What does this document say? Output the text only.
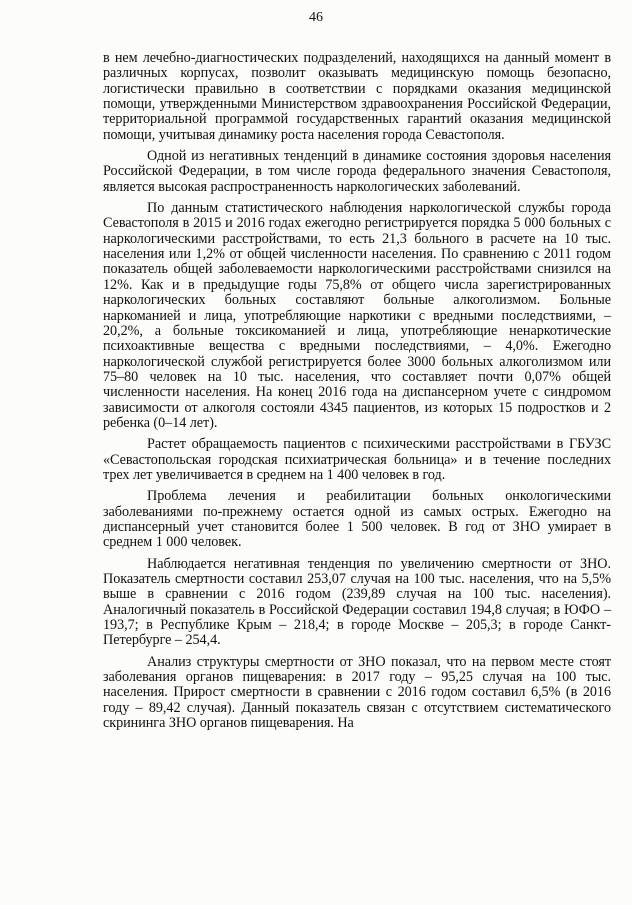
46

в нем лечебно-диагностических подразделений, находящихся на данный момент в различных корпусах, позволит оказывать медицинскую помощь безопасно, логистически правильно в соответствии с порядками оказания медицинской помощи, утвержденными Министерством здравоохранения Российской Федерации, территориальной программой государственных гарантий оказания медицинской помощи, учитывая динамику роста населения города Севастополя.

Одной из негативных тенденций в динамике состояния здоровья населения Российской Федерации, в том числе города федерального значения Севастополя, является высокая распространенность наркологических заболеваний.

По данным статистического наблюдения наркологической службы города Севастополя в 2015 и 2016 годах ежегодно регистрируется порядка 5 000 больных с наркологическими расстройствами, то есть 21,3 больного в расчете на 10 тыс. населения или 1,2% от общей численности населения. По сравнению с 2011 годом показатель общей заболеваемости наркологическими расстройствами снизился на 12%. Как и в предыдущие годы 75,8% от общего числа зарегистрированных наркологических больных составляют больные алкоголизмом. Больные наркоманией и лица, употребляющие наркотики с вредными последствиями, – 20,2%, а больные токсикоманией и лица, употребляющие ненаркотические психоактивные вещества с вредными последствиями, – 4,0%. Ежегодно наркологической службой регистрируется более 3000 больных алкоголизмом или 75–80 человек на 10 тыс. населения, что составляет почти 0,07% общей численности населения. На конец 2016 года на диспансерном учете с синдромом зависимости от алкоголя состояли 4345 пациентов, из которых 15 подростков и 2 ребенка (0–14 лет).

Растет обращаемость пациентов с психическими расстройствами в ГБУЗС «Севастопольская городская психиатрическая больница» и в течение последних трех лет увеличивается в среднем на 1 400 человек в год.

Проблема лечения и реабилитации больных онкологическими заболеваниями по-прежнему остается одной из самых острых. Ежегодно на диспансерный учет становится более 1 500 человек. В год от ЗНО умирает в среднем 1 000 человек.

Наблюдается негативная тенденция по увеличению смертности от ЗНО. Показатель смертности составил 253,07 случая на 100 тыс. населения, что на 5,5% выше в сравнении с 2016 годом (239,89 случая на 100 тыс. населения). Аналогичный показатель в Российской Федерации составил 194,8 случая; в ЮФО – 193,7; в Республике Крым – 218,4; в городе Москве – 205,3; в городе Санкт-Петербурге – 254,4.

Анализ структуры смертности от ЗНО показал, что на первом месте стоят заболевания органов пищеварения: в 2017 году – 95,25 случая на 100 тыс. населения. Прирост смертности в сравнении с 2016 годом составил 6,5% (в 2016 году – 89,42 случая). Данный показатель связан с отсутствием систематического скрининга ЗНО органов пищеварения. На
